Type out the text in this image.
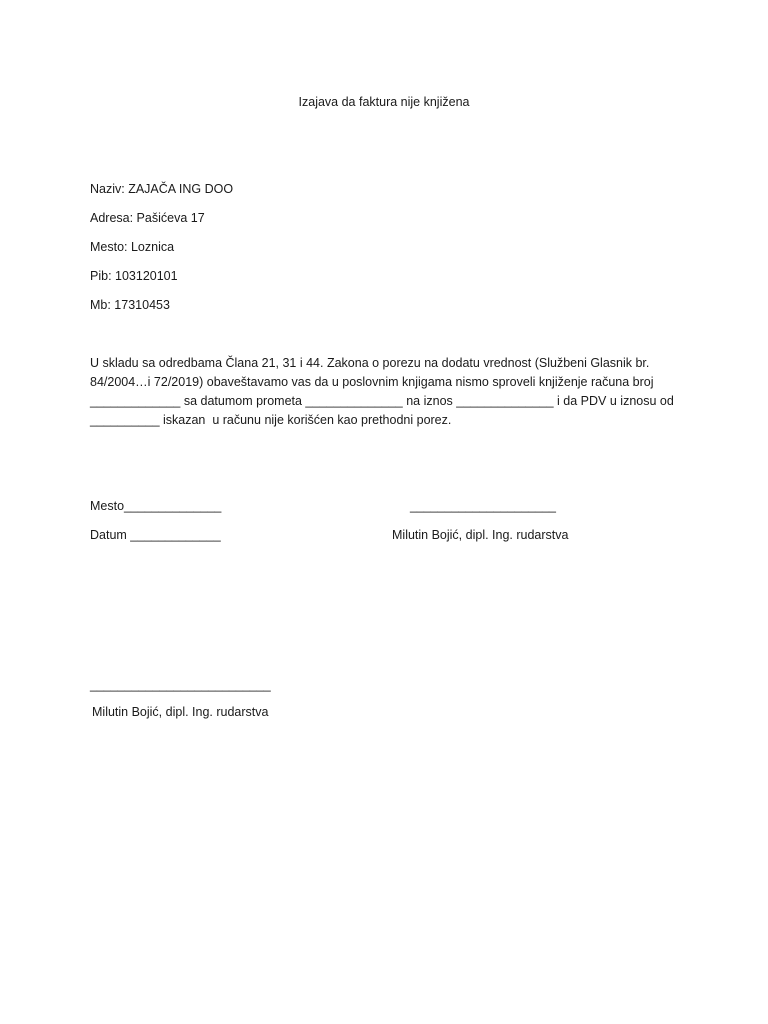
Izajava da faktura nije knjižena
Naziv: ZAJAČA ING DOO
Adresa: Pašićeva 17
Mesto: Loznica
Pib: 103120101
Mb: 17310453
U skladu sa odredbama Člana 21, 31 i 44. Zakona o porezu na dodatu vrednost (Službeni Glasnik br.
84/2004…i 72/2019) obaveštavamo vas da u poslovnim knjigama nismo sproveli knjiženje računa broj
_____________ sa datumom prometa ______________ na iznos ______________ i da PDV u iznosu od
__________ iskazan  u računu nije korišćen kao prethodni porez.
Mesto______________	_____________________
Datum _____________	Milutin Bojić, dipl. Ing. rudarstva
__________________________
Milutin Bojić, dipl. Ing. rudarstva
